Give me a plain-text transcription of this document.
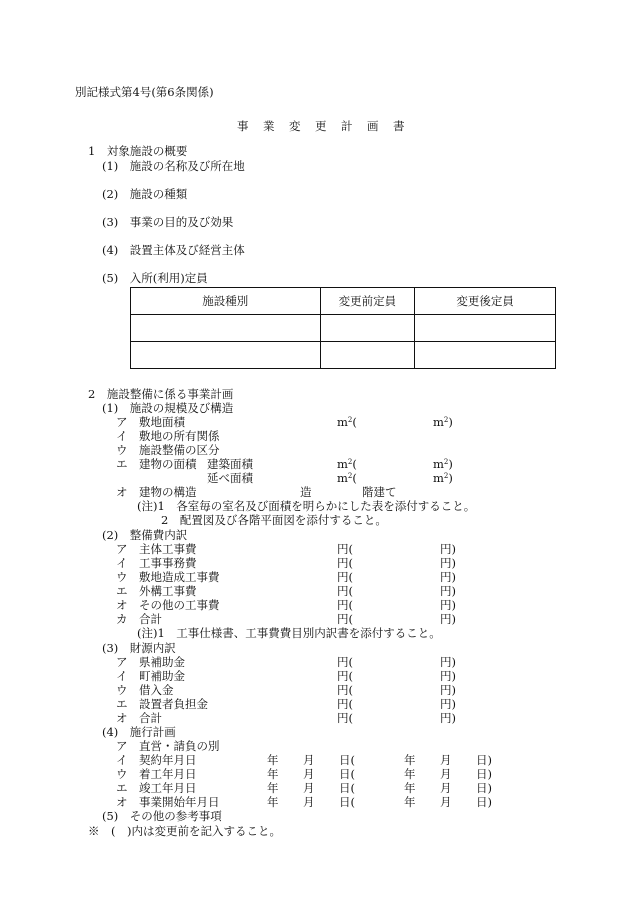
別記様式第4号(第6条関係)
事業変更計画書
1　対象施設の概要
(1)　施設の名称及び所在地
(2)　施設の種類
(3)　事業の目的及び効果
(4)　設置主体及び経営主体
(5)　入所(利用)定員
施設種別	変更前定員	変更後定員

2　施設整備に係る事業計画
(1)　施設の規模及び構造
ア　敷地面積	$m^2$(	$m^2$)
イ　敷地の所有関係
ウ　施設整備の区分
エ　建物の面積 建築面積	$m^2$(	$m^2$)
延べ面積	$m^2$(	$m^2$)
オ　建物の構造	造	階建て
(注)1　各室毎の室名及び面積を明らかにした表を添付すること。
2　配置図及び各階平面図を添付すること。
(2)　整備費内訳
ア　主体工事費	円(	円)
イ　工事事務費	円(	円)
ウ　敷地造成工事費	円(	円)
エ　外構工事費	円(	円)
オ　その他の工事費	円(	円)
カ　合計	円(	円)
(注)1　工事仕様書、工事費費目別内訳書を添付すること。
(3)　財源内訳
ア　県補助金	円(	円)
イ　町補助金	円(	円)
ウ　借入金	円(	円)
エ　設置者負担金	円(	円)
オ　合計	円(	円)
(4)　施行計画
ア　直営・請負の別
イ　契約年月日	年 月 日(	年 月 日)
ウ　着工年月日	年 月 日(	年 月 日)
エ　竣工年月日	年 月 日(	年 月 日)
オ　事業開始年月日	年 月 日(	年 月 日)
(5)　その他の参考事項
※　(　)内は変更前を記入すること。
